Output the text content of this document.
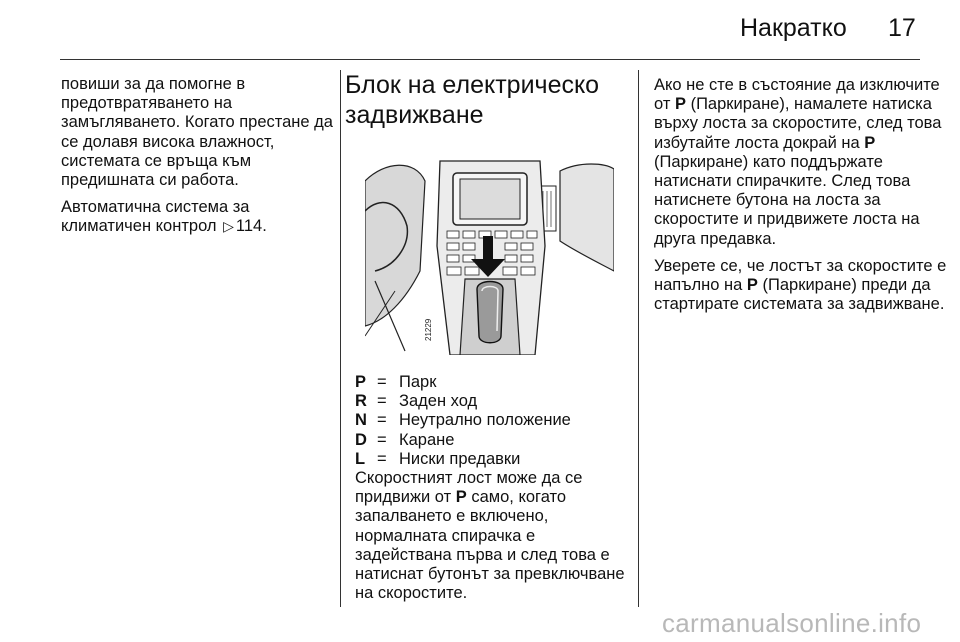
Накратко 17

повиши за да помогне в предотвратяването на замъгляването. Когато престане да се долавя висока влажност, системата се връща към предишната си работа.

Автоматична система за климатичен контрол ▷ 114.

Блок на електрическо задвижване
21229
P = Парк
R = Заден ход
N = Неутрално положение
D = Каране
L = Ниски предавки
Скоростният лост може да се придвижи от P само, когато запалването е включено, нормалната спирачка е задействана първа и след това е натиснат бутонът за превключване на скоростите.

Ако не сте в състояние да изключите от P (Паркиране), намалете натиска върху лоста за скоростите, след това избутайте лоста докрай на P (Паркиране) като поддържате натиснати спирачките. След това натиснете бутона на лоста за скоростите и придвижете лоста на друга предавка.

Уверете се, че лостът за скоростите е напълно на P (Паркиране) преди да стартирате системата за задвижване.

carmanualsonline.info
